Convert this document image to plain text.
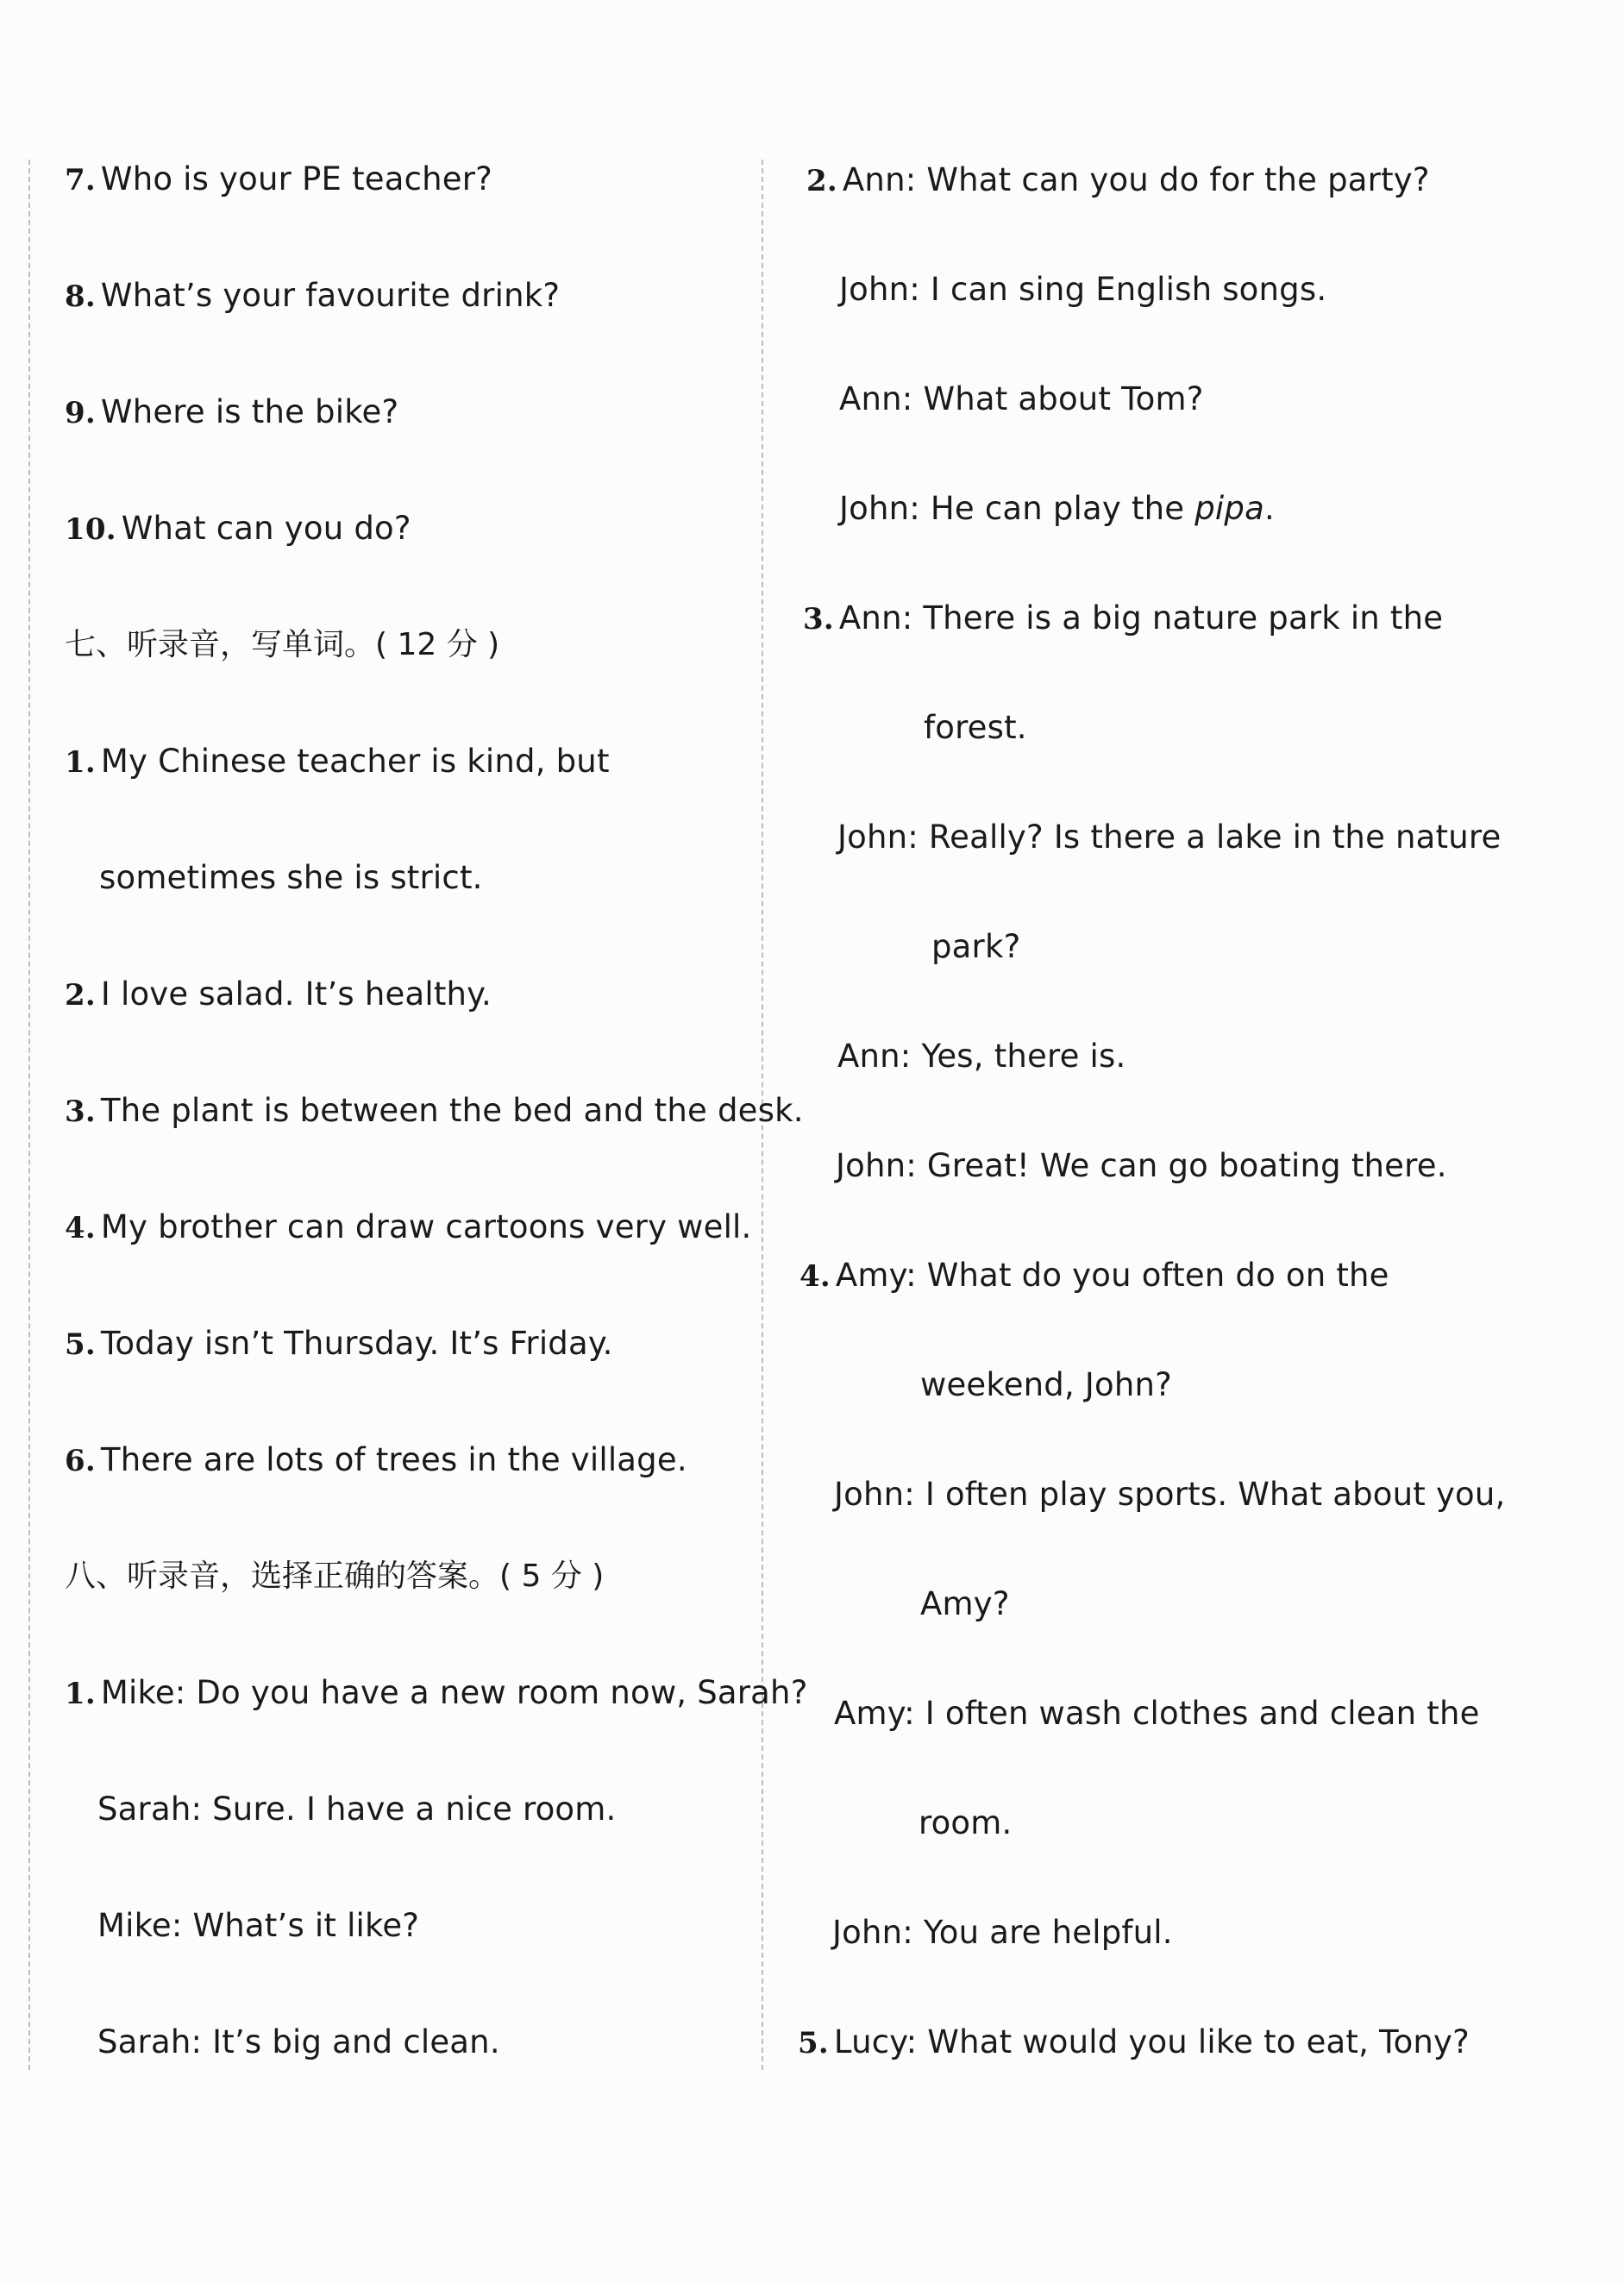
7. Who is your PE teacher?
8. What’s your favourite drink?
9. Where is the bike?
10. What can you do?
七、听录音，写单词。( 12 分 )
1. My Chinese teacher is kind, but
sometimes she is strict.
2. I love salad. It’s healthy.
3. The plant is between the bed and the desk.
4. My brother can draw cartoons very well.
5. Today isn’t Thursday. It’s Friday.
6. There are lots of trees in the village.
八、听录音，选择正确的答案。( 5 分 )
1. Mike: Do you have a new room now, Sarah?
Sarah: Sure. I have a nice room.
Mike: What’s it like?
Sarah: It’s big and clean.
2. Ann: What can you do for the party?
John: I can sing English songs.
Ann: What about Tom?
John: He can play the pipa.
3. Ann: There is a big nature park in the
forest.
John: Really? Is there a lake in the nature
park?
Ann: Yes, there is.
John: Great! We can go boating there.
4. Amy: What do you often do on the
weekend, John?
John: I often play sports. What about you,
Amy?
Amy: I often wash clothes and clean the
room.
John: You are helpful.
5. Lucy: What would you like to eat, Tony?
